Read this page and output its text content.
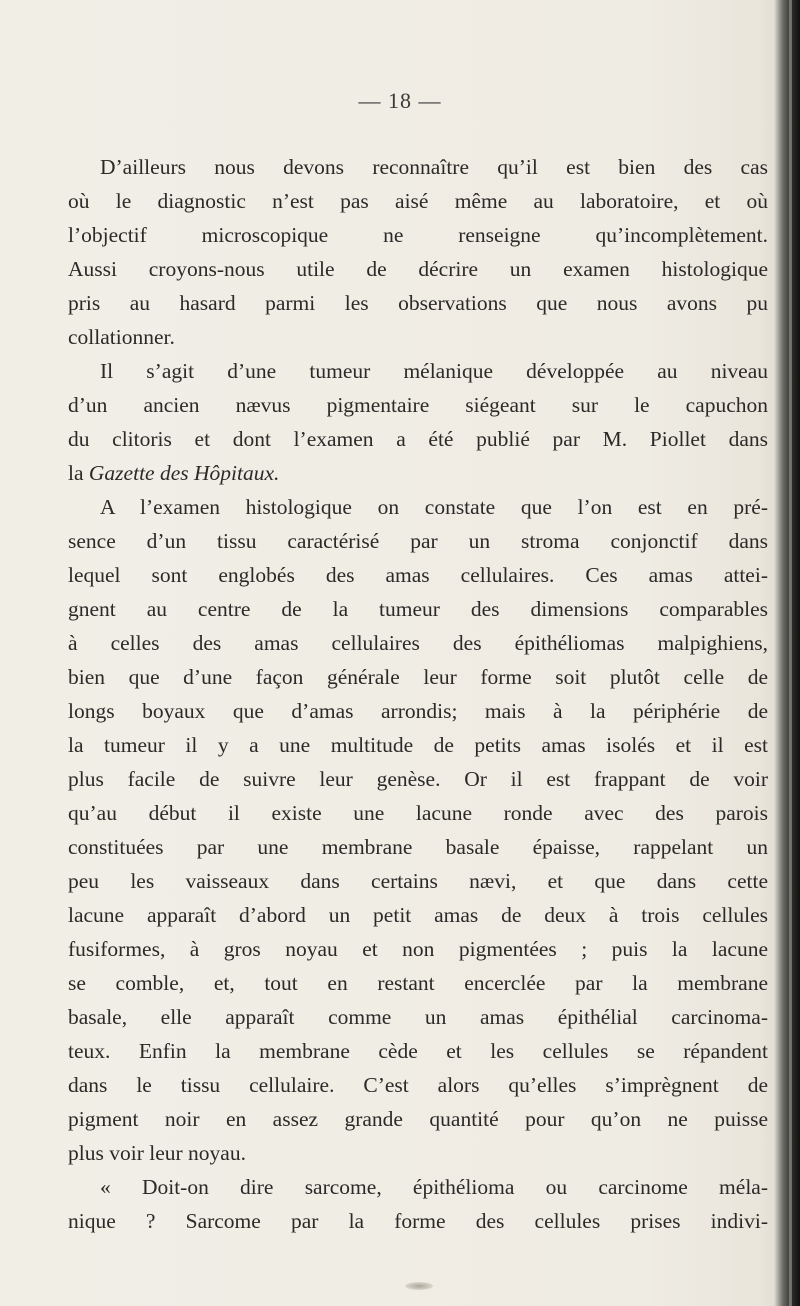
— 18 —
D’ailleurs nous devons reconnaître qu’il est bien des cas
où le diagnostic n’est pas aisé même au laboratoire, et où
l’objectif microscopique ne renseigne qu’incomplètement.
Aussi croyons-nous utile de décrire un examen histologique
pris au hasard parmi les observations que nous avons pu
collationner.
Il s’agit d’une tumeur mélanique développée au niveau
d’un ancien nævus pigmentaire siégeant sur le capuchon
du clitoris et dont l’examen a été publié par M. Piollet dans
la Gazette des Hôpitaux.
A l’examen histologique on constate que l’on est en pré-
sence d’un tissu caractérisé par un stroma conjonctif dans
lequel sont englobés des amas cellulaires. Ces amas attei-
gnent au centre de la tumeur des dimensions comparables
à celles des amas cellulaires des épithéliomas malpighiens,
bien que d’une façon générale leur forme soit plutôt celle de
longs boyaux que d’amas arrondis; mais à la périphérie de
la tumeur il y a une multitude de petits amas isolés et il est
plus facile de suivre leur genèse. Or il est frappant de voir
qu’au début il existe une lacune ronde avec des parois
constituées par une membrane basale épaisse, rappelant un
peu les vaisseaux dans certains nævi, et que dans cette
lacune apparaît d’abord un petit amas de deux à trois cellules
fusiformes, à gros noyau et non pigmentées ; puis la lacune
se comble, et, tout en restant encerclée par la membrane
basale, elle apparaît comme un amas épithélial carcinoma-
teux. Enfin la membrane cède et les cellules se répandent
dans le tissu cellulaire. C’est alors qu’elles s’imprègnent de
pigment noir en assez grande quantité pour qu’on ne puisse
plus voir leur noyau.
« Doit-on dire sarcome, épithélioma ou carcinome méla-
nique ? Sarcome par la forme des cellules prises indivi-
